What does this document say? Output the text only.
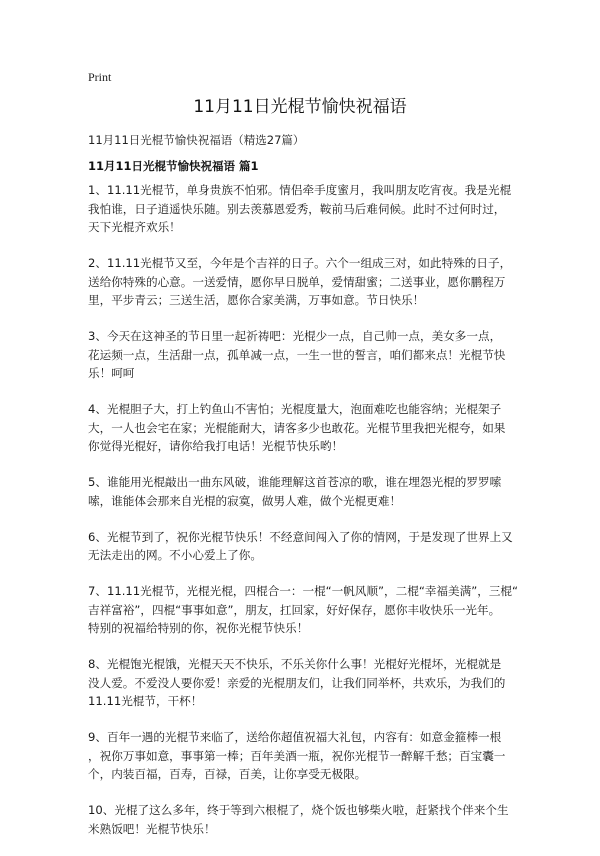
Print
11月11日光棍节愉快祝福语

11月11日光棍节愉快祝福语（精选27篇）

11月11日光棍节愉快祝福语 篇1

1、11.11光棍节，单身贵族不怕邪。情侣牵手度蜜月，我叫朋友吃宵夜。我是光棍
我怕谁，日子逍遥快乐随。别去羡慕恩爱秀，鞍前马后难伺候。此时不过何时过，
天下光棍齐欢乐！

2、11.11光棍节又至，今年是个吉祥的日子。六个一组成三对，如此特殊的日子，
送给你特殊的心意。一送爱情，愿你早日脱单，爱情甜蜜；二送事业，愿你鹏程万
里，平步青云；三送生活，愿你合家美满，万事如意。节日快乐！

3、今天在这神圣的节日里一起祈祷吧：光棍少一点，自己帅一点，美女多一点，
花运频一点，生活甜一点，孤单减一点，一生一世的誓言，咱们都来点！光棍节快
乐！呵呵

4、光棍胆子大，打上钓鱼山不害怕；光棍度量大，泡面难吃也能容纳；光棍架子
大，一人也会宅在家；光棍能耐大，请客多少也敢花。光棍节里我把光棍夸，如果
你觉得光棍好，请你给我打电话！光棍节快乐哟！

5、谁能用光棍敲出一曲东风破，谁能理解这首苍凉的歌，谁在埋怨光棍的罗罗嗦
嗦，谁能体会那来自光棍的寂寞，做男人难，做个光棍更难！

6、光棍节到了，祝你光棍节快乐！不经意间闯入了你的情网，于是发现了世界上又
无法走出的网。不小心爱上了你。

7、11.11光棍节，光棍光棍，四棍合一：一棍“一帆风顺”，二棍“幸福美满”，三棍“
吉祥富裕”，四棍“事事如意”，朋友，扛回家，好好保存，愿你丰收快乐一光年。
特别的祝福给特别的你，祝你光棍节快乐！

8、光棍饱光棍饿，光棍天天不快乐，不乐关你什么事！光棍好光棍坏，光棍就是
没人爱。不爱没人要你爱！亲爱的光棍朋友们，让我们同举杯，共欢乐，为我们的
11.11光棍节，干杯！

9、百年一遇的光棍节来临了，送给你超值祝福大礼包，内容有：如意金箍棒一根
，祝你万事如意，事事第一棒；百年美酒一瓶，祝你光棍节一醉解千愁；百宝囊一
个，内装百福，百寿，百禄，百美，让你享受无极限。

10、光棍了这么多年，终于等到六根棍了，烧个饭也够柴火啦，赶紧找个伴来个生
米熟饭吧！光棍节快乐！
